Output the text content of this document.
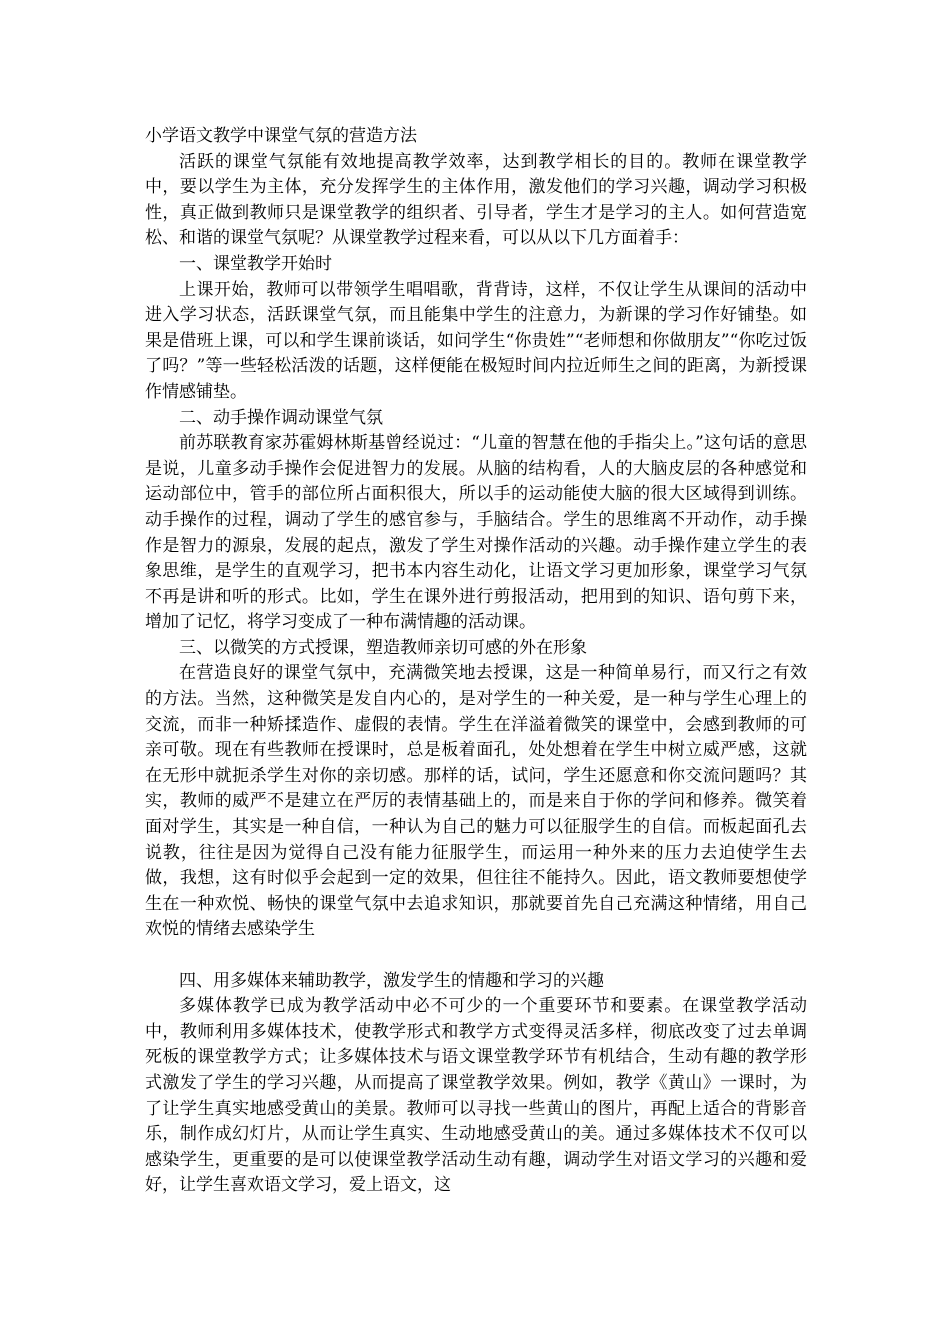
小学语文教学中课堂气氛的营造方法

活跃的课堂气氛能有效地提高教学效率，达到教学相长的目的。教师在课堂教学中，要以学生为主体，充分发挥学生的主体作用，激发他们的学习兴趣，调动学习积极性，真正做到教师只是课堂教学的组织者、引导者，学生才是学习的主人。如何营造宽松、和谐的课堂气氛呢？从课堂教学过程来看，可以从以下几方面着手：

一、课堂教学开始时

上课开始，教师可以带领学生唱唱歌，背背诗，这样，不仅让学生从课间的活动中进入学习状态，活跃课堂气氛，而且能集中学生的注意力，为新课的学习作好铺垫。如果是借班上课，可以和学生课前谈话，如问学生“你贵姓”“老师想和你做朋友”“你吃过饭了吗？”等一些轻松活泼的话题，这样便能在极短时间内拉近师生之间的距离，为新授课作情感铺垫。

二、动手操作调动课堂气氛

前苏联教育家苏霍姆林斯基曾经说过：“儿童的智慧在他的手指尖上。”这句话的意思是说，儿童多动手操作会促进智力的发展。从脑的结构看，人的大脑皮层的各种感觉和运动部位中，管手的部位所占面积很大，所以手的运动能使大脑的很大区域得到训练。动手操作的过程，调动了学生的感官参与，手脑结合。学生的思维离不开动作，动手操作是智力的源泉，发展的起点，激发了学生对操作活动的兴趣。动手操作建立学生的表象思维，是学生的直观学习，把书本内容生动化，让语文学习更加形象，课堂学习气氛不再是讲和听的形式。比如，学生在课外进行剪报活动，把用到的知识、语句剪下来，增加了记忆，将学习变成了一种布满情趣的活动课。

三、以微笑的方式授课，塑造教师亲切可感的外在形象

在营造良好的课堂气氛中，充满微笑地去授课，这是一种简单易行，而又行之有效的方法。当然，这种微笑是发自内心的，是对学生的一种关爱，是一种与学生心理上的交流，而非一种矫揉造作、虚假的表情。学生在洋溢着微笑的课堂中，会感到教师的可亲可敬。现在有些教师在授课时，总是板着面孔，处处想着在学生中树立威严感，这就在无形中就扼杀学生对你的亲切感。那样的话，试问，学生还愿意和你交流问题吗？其实，教师的威严不是建立在严厉的表情基础上的，而是来自于你的学问和修养。微笑着面对学生，其实是一种自信，一种认为自己的魅力可以征服学生的自信。而板起面孔去说教，往往是因为觉得自己没有能力征服学生，而运用一种外来的压力去迫使学生去做，我想，这有时似乎会起到一定的效果，但往往不能持久。因此，语文教师要想使学生在一种欢悦、畅快的课堂气氛中去追求知识，那就要首先自己充满这种情绪，用自己欢悦的情绪去感染学生

四、用多媒体来辅助教学，激发学生的情趣和学习的兴趣

多媒体教学已成为教学活动中必不可少的一个重要环节和要素。在课堂教学活动中，教师利用多媒体技术，使教学形式和教学方式变得灵活多样，彻底改变了过去单调死板的课堂教学方式；让多媒体技术与语文课堂教学环节有机结合，生动有趣的教学形式激发了学生的学习兴趣，从而提高了课堂教学效果。例如，教学《黄山》一课时，为了让学生真实地感受黄山的美景。教师可以寻找一些黄山的图片，再配上适合的背影音乐，制作成幻灯片，从而让学生真实、生动地感受黄山的美。通过多媒体技术不仅可以感染学生，更重要的是可以使课堂教学活动生动有趣，调动学生对语文学习的兴趣和爱好，让学生喜欢语文学习，爱上语文，这
